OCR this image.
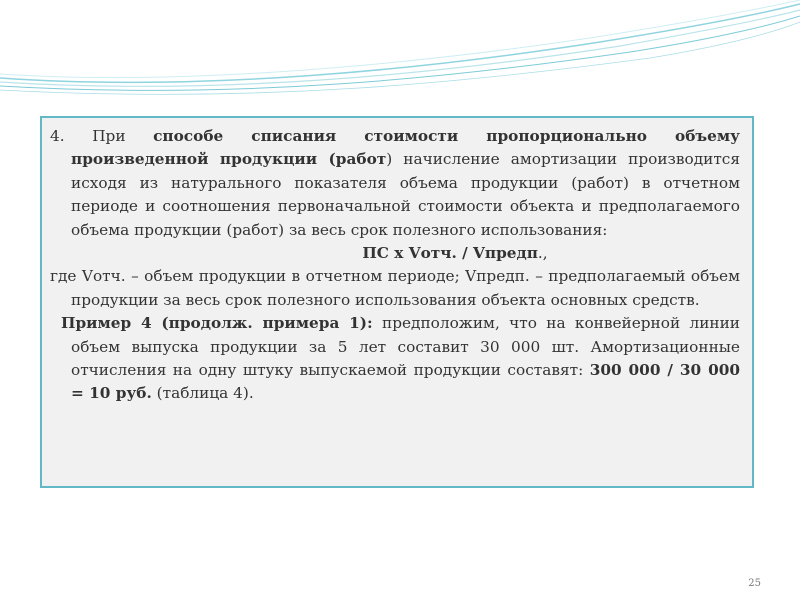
4. При способе списания стоимости пропорционально объему произведенной продукции (работ) начисление амортизации производится исходя из натурального показателя объема продукции (работ) в отчетном периоде и соотношения первоначальной стоимости объекта и предполагаемого объема продукции (работ) за весь срок полезного использования:

ПС х Vотч. / Vпредп.,

где Vотч. – объем продукции в отчетном периоде; Vпредп. – предполагаемый объем продукции за весь срок полезного использования объекта основных средств.

Пример 4 (продолж. примера 1): предположим, что на конвейерной линии объем выпуска продукции за 5 лет составит 30 000 шт. Амортизационные отчисления на одну штуку выпускаемой продукции составят: 300 000 / 30 000 = 10 руб. (таблица 4).

25
